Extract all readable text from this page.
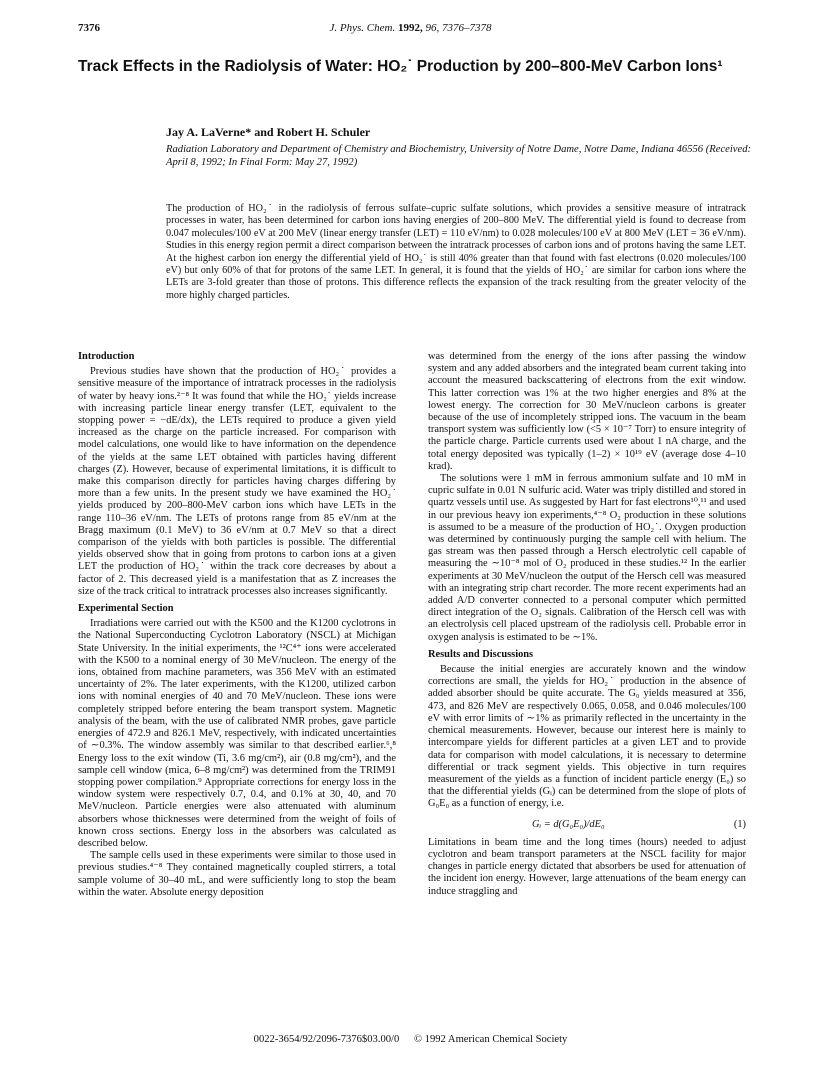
7376	J. Phys. Chem. 1992, 96, 7376–7378
Track Effects in the Radiolysis of Water: HO₂˙ Production by 200–800-MeV Carbon Ions¹
Jay A. LaVerne* and Robert H. Schuler
Radiation Laboratory and Department of Chemistry and Biochemistry, University of Notre Dame, Notre Dame, Indiana 46556 (Received: April 8, 1992; In Final Form: May 27, 1992)
The production of HO₂˙ in the radiolysis of ferrous sulfate–cupric sulfate solutions, which provides a sensitive measure of intratrack processes in water, has been determined for carbon ions having energies of 200–800 MeV. The differential yield is found to decrease from 0.047 molecules/100 eV at 200 MeV (linear energy transfer (LET) = 110 eV/nm) to 0.028 molecules/100 eV at 800 MeV (LET = 36 eV/nm). Studies in this energy region permit a direct comparison between the intratrack processes of carbon ions and of protons having the same LET. At the highest carbon ion energy the differential yield of HO₂˙ is still 40% greater than that found with fast electrons (0.020 molecules/100 eV) but only 60% of that for protons of the same LET. In general, it is found that the yields of HO₂˙ are similar for carbon ions where the LETs are 3-fold greater than those of protons. This difference reflects the expansion of the track resulting from the greater velocity of the more highly charged particles.
Introduction

Previous studies have shown that the production of HO₂˙ provides a sensitive measure of the importance of intratrack processes in the radiolysis of water by heavy ions.²⁻⁸ It was found that while the HO₂˙ yields increase with increasing particle linear energy transfer (LET, equivalent to the stopping power = −dE/dx), the LETs required to produce a given yield increased as the charge on the particle increased. For comparison with model calculations, one would like to have information on the dependence of the yields at the same LET obtained with particles having different charges (Z). However, because of experimental limitations, it is difficult to make this comparison directly for particles having charges differing by more than a few units. In the present study we have examined the HO₂˙ yields produced by 200–800-MeV carbon ions which have LETs in the range 110–36 eV/nm. The LETs of protons range from 85 eV/nm at the Bragg maximum (0.1 MeV) to 36 eV/nm at 0.7 MeV so that a direct comparison of the yields with both particles is possible. The differential yields observed show that in going from protons to carbon ions at a given LET the production of HO₂˙ within the track core decreases by about a factor of 2. This decreased yield is a manifestation that as Z increases the size of the track critical to intratrack processes also increases significantly.

Experimental Section

Irradiations were carried out with the K500 and the K1200 cyclotrons in the National Superconducting Cyclotron Laboratory (NSCL) at Michigan State University. In the initial experiments, the ¹²C⁴⁺ ions were accelerated with the K500 to a nominal energy of 30 MeV/nucleon. The energy of the ions, obtained from machine parameters, was 356 MeV with an estimated uncertainty of 2%. The later experiments, with the K1200, utilized carbon ions with nominal energies of 40 and 70 MeV/nucleon. These ions were completely stripped before entering the beam transport system. Magnetic analysis of the beam, with the use of calibrated NMR probes, gave particle energies of 472.9 and 826.1 MeV, respectively, with indicated uncertainties of ∼0.3%. The window assembly was similar to that described earlier.⁶,⁸ Energy loss to the exit window (Ti, 3.6 mg/cm²), air (0.8 mg/cm²), and the sample cell window (mica, 6–8 mg/cm²) was determined from the TRIM91 stopping power compilation.⁹ Appropriate corrections for energy loss in the window system were respectively 0.7, 0.4, and 0.1% at 30, 40, and 70 MeV/nucleon. Particle energies were also attenuated with aluminum absorbers whose thicknesses were determined from the weight of foils of known cross sections. Energy loss in the absorbers was calculated as described below.

The sample cells used in these experiments were similar to those used in previous studies.⁴⁻⁸ They contained magnetically coupled stirrers, a total sample volume of 30–40 mL, and were sufficiently long to stop the beam within the water. Absolute energy deposition

was determined from the energy of the ions after passing the window system and any added absorbers and the integrated beam current taking into account the measured backscattering of electrons from the exit window. This latter correction was 1% at the two higher energies and 8% at the lowest energy. The correction for 30 MeV/nucleon carbons is greater because of the use of incompletely stripped ions. The vacuum in the beam transport system was sufficiently low (<5 × 10⁻⁷ Torr) to ensure integrity of the particle charge. Particle currents used were about 1 nA charge, and the total energy deposited was typically (1–2) × 10¹⁹ eV (average dose 4–10 krad).

The solutions were 1 mM in ferrous ammonium sulfate and 10 mM in cupric sulfate in 0.01 N sulfuric acid. Water was triply distilled and stored in quartz vessels until use. As suggested by Hart for fast electrons¹⁰,¹¹ and used in our previous heavy ion experiments,⁴⁻⁸ O₂ production in these solutions is assumed to be a measure of the production of HO₂˙. Oxygen production was determined by continuously purging the sample cell with helium. The gas stream was then passed through a Hersch electrolytic cell capable of measuring the ∼10⁻⁸ mol of O₂ produced in these studies.¹² In the earlier experiments at 30 MeV/nucleon the output of the Hersch cell was measured with an integrating strip chart recorder. The more recent experiments had an added A/D converter connected to a personal computer which permitted direct integration of the O₂ signals. Calibration of the Hersch cell was with an electrolysis cell placed upstream of the radiolysis cell. Probable error in oxygen analysis is estimated to be ∼1%.

Results and Discussions

Because the initial energies are accurately known and the window corrections are small, the yields for HO₂˙ production in the absence of added absorber should be quite accurate. The G₀ yields measured at 356, 473, and 826 MeV are respectively 0.065, 0.058, and 0.046 molecules/100 eV with error limits of ∼1% as primarily reflected in the uncertainty in the chemical measurements. However, because our interest here is mainly to intercompare yields for different particles at a given LET and to provide data for comparison with model calculations, it is necessary to determine differential or track segment yields. This objective in turn requires measurement of the yields as a function of incident particle energy (E₀) so that the differential yields (Gᵢ) can be determined from the slope of plots of G₀E₀ as a function of energy, i.e.

Gᵢ = d(G₀E₀)/dE₀	(1)

Limitations in beam time and the long times (hours) needed to adjust cyclotron and beam transport parameters at the NSCL facility for major changes in particle energy dictated that absorbers be used for attenuation of the incident ion energy. However, large attenuations of the beam energy can induce straggling and

0022-3654/92/2096-7376$03.00/0 © 1992 American Chemical Society
